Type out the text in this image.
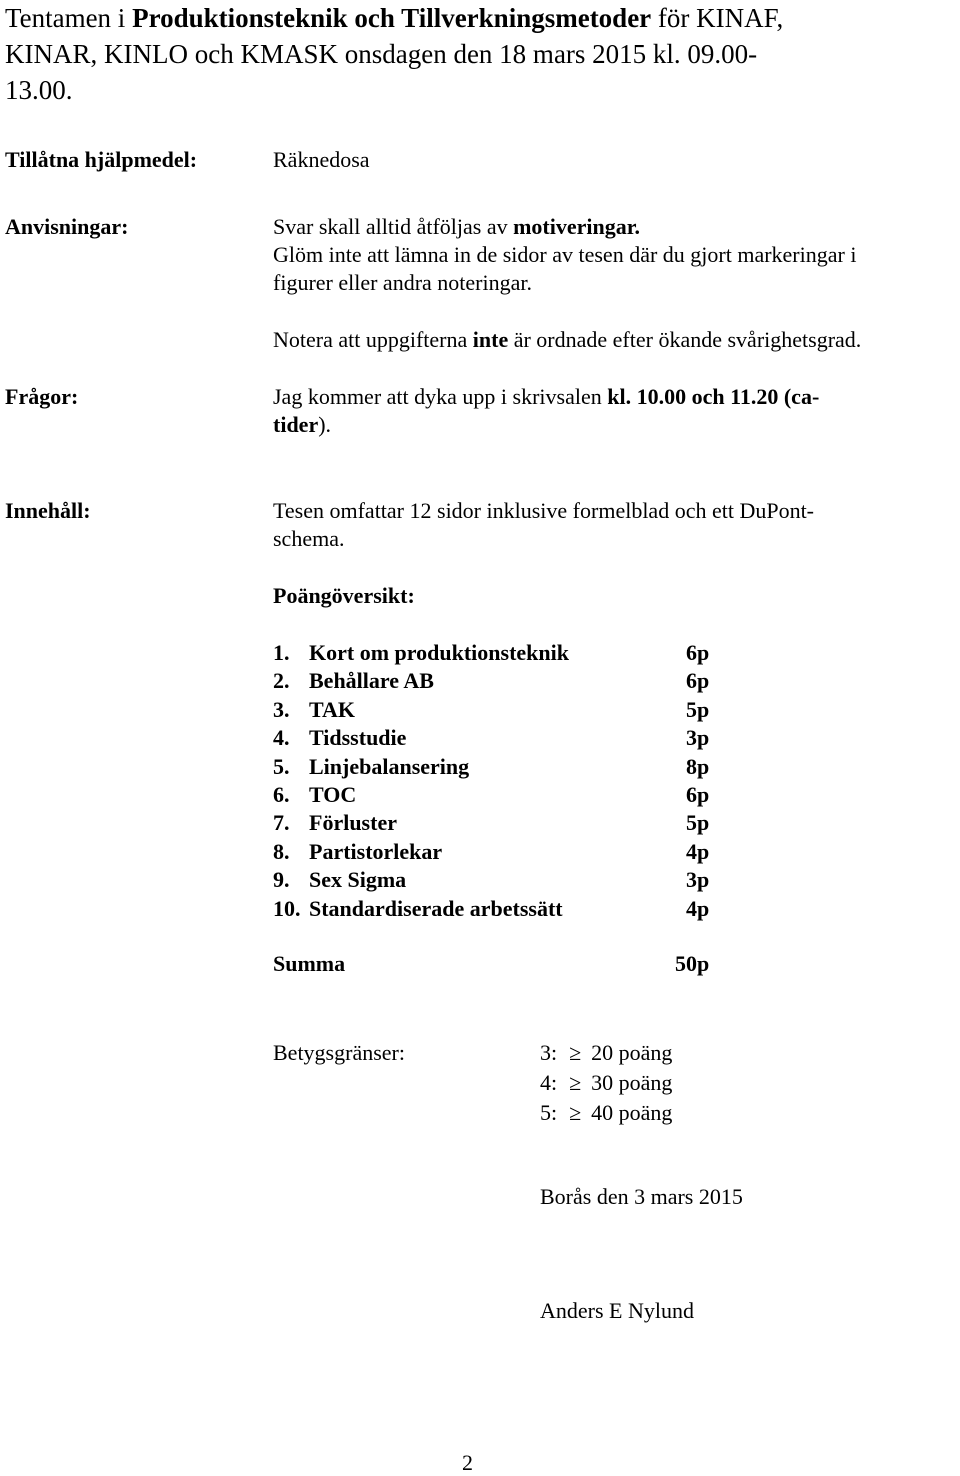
Tentamen i Produktionsteknik och Tillverkningsmetoder för KINAF,
KINAR, KINLO och KMASK onsdagen den 18 mars 2015 kl. 09.00-
13.00.
Tillåtna hjälpmedel:	Räknedosa
Anvisningar:	Svar skall alltid åtföljas av motiveringar.
Glöm inte att lämna in de sidor av tesen där du gjort markeringar i
figurer eller andra noteringar.
Notera att uppgifterna inte är ordnade efter ökande svårighetsgrad.
Frågor:	Jag kommer att dyka upp i skrivsalen kl. 10.00 och 11.20 (ca-
tider).
Innehåll:	Tesen omfattar 12 sidor inklusive formelblad och ett DuPont-
schema.
Poängöversikt:
1. Kort om produktionsteknik	6p
2. Behållare AB	6p
3. TAK	5p
4. Tidsstudie	3p
5. Linjebalansering	8p
6. TOC	6p
7. Förluster	5p
8. Partistorlekar	4p
9. Sex Sigma	3p
10. Standardiserade arbetssätt	4p
Summa	50p
Betygsgränser:	3: ≥ 20 poäng
4: ≥ 30 poäng
5: ≥ 40 poäng
Borås den 3 mars 2015
Anders E Nylund
2
